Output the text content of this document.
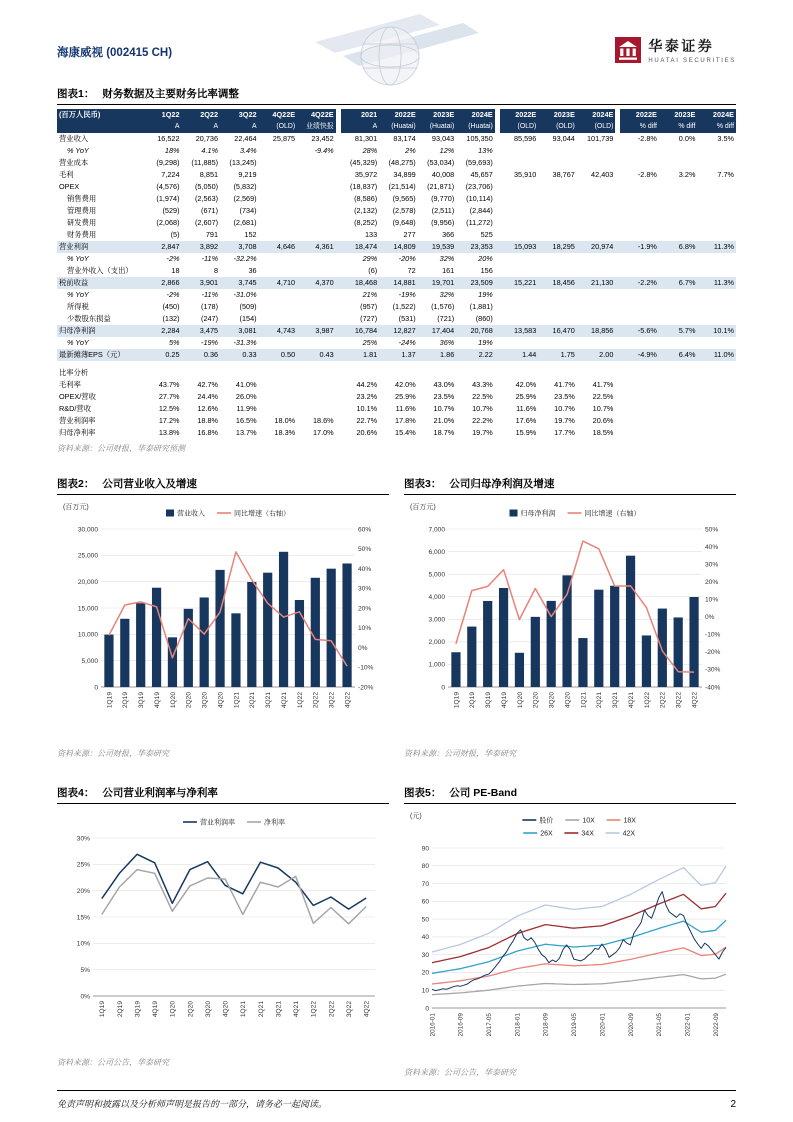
海康威视 (002415 CH)	华泰证券
HUATAI SECURITIES
图表1： 财务数据及主要财务比率调整
(百万人民币)	1Q22	2Q22	3Q22	4Q22E	4Q22E		2021	2022E	2023E	2024E		2022E	2023E	2024E		2022E	2023E	2024E
	A	A	A	(OLD)	业绩快报		A	(Huatai)	(Huatai)	(Huatai)		(OLD)	(OLD)	(OLD)		% diff	% diff	% diff
营业收入	16,522	20,736	22,464	25,875	23,452		81,301	83,174	93,043	105,350		85,596	93,044	101,739		-2.8%	0.0%	3.5%
% YoY	18%	4.1%	3.4%		-9.4%		28%	2%	12%	13%								
营业成本	(9,298)	(11,885)	(13,245)				(45,329)	(48,275)	(53,034)	(59,693)								
毛利	7,224	8,851	9,219				35,972	34,899	40,008	45,657		35,910	38,767	42,403		-2.8%	3.2%	7.7%
OPEX	(4,576)	(5,050)	(5,832)				(18,837)	(21,514)	(21,871)	(23,706)								
销售费用	(1,974)	(2,563)	(2,569)				(8,586)	(9,565)	(9,770)	(10,114)								
管理费用	(529)	(671)	(734)				(2,132)	(2,578)	(2,511)	(2,844)								
研发费用	(2,068)	(2,607)	(2,681)				(8,252)	(9,648)	(9,956)	(11,272)								
财务费用	(5)	791	152				133	277	366	525								
营业利润	2,847	3,892	3,708	4,646	4,361		18,474	14,809	19,539	23,353		15,093	18,295	20,974		-1.9%	6.8%	11.3%
% YoY	-2%	-11%	-32.2%				29%	-20%	32%	20%								
营业外收入（支出）	18	8	36				(6)	72	161	156								
税前收益	2,866	3,901	3,745	4,710	4,370		18,468	14,881	19,701	23,509		15,221	18,456	21,130		-2.2%	6.7%	11.3%
% YoY	-2%	-11%	-31.0%				21%	-19%	32%	19%								
所得税	(450)	(178)	(509)				(957)	(1,522)	(1,576)	(1,881)								
少数股东损益	(132)	(247)	(154)				(727)	(531)	(721)	(860)								
归母净利润	2,284	3,475	3,081	4,743	3,987		16,784	12,827	17,404	20,768		13,583	16,470	18,856		-5.6%	5.7%	10.1%
% YoY	5%	-19%	-31.3%				25%	-24%	36%	19%								
最新摊薄EPS（元）	0.25	0.36	0.33	0.50	0.43		1.81	1.37	1.86	2.22		1.44	1.75	2.00		-4.9%	6.4%	11.0%

比率分析																		
毛利率	43.7%	42.7%	41.0%				44.2%	42.0%	43.0%	43.3%		42.0%	41.7%	41.7%				
OPEX/营收	27.7%	24.4%	26.0%				23.2%	25.9%	23.5%	22.5%		25.9%	23.5%	22.5%				
R&D/营收	12.5%	12.6%	11.9%				10.1%	11.6%	10.7%	10.7%		11.6%	10.7%	10.7%				
营业利润率	17.2%	18.8%	16.5%	18.0%	18.6%		22.7%	17.8%	21.0%	22.2%		17.6%	19.7%	20.6%				
归母净利率	13.8%	16.8%	13.7%	18.3%	17.0%		20.6%	15.4%	18.7%	19.7%		15.9%	17.7%	18.5%				
资料来源：公司财报，华泰研究预测
图表2： 公司营业收入及增速
(百万元)
0
5,000
10,000
15,000
20,000
25,000
30,000
-20%
-10%
0%
10%
20%
30%
40%
50%
60%
1Q19 2Q19 3Q19 4Q19 1Q20 2Q20 3Q20 4Q20 1Q21 2Q21 3Q21 4Q21 1Q22 2Q22 3Q22 4Q22
营业收入	同比增速（右轴）
资料来源：公司财报，华泰研究
图表3： 公司归母净利润及增速
(百万元)
0
1,000
2,000
3,000
4,000
5,000
6,000
7,000
-40%
-30%
-20%
-10%
0%
10%
20%
30%
40%
50%
1Q19 2Q19 3Q19 4Q19 1Q20 2Q20 3Q20 4Q20 1Q21 2Q21 3Q21 4Q21 1Q22 2Q22 3Q22 4Q22
归母净利润	同比增速（右轴）
资料来源：公司财报，华泰研究
图表4： 公司营业利润率与净利率
0%
5%
10%
15%
20%
25%
30%
1Q19 2Q19 3Q19 4Q19 1Q20 2Q20 3Q20 4Q20 1Q21 2Q21 3Q21 4Q21 1Q22 2Q22 3Q22 4Q22
营业利润率	净利率
资料来源：公司公告，华泰研究
图表5： 公司 PE-Band
(元)
0
10
20
30
40
50
60
70
80
90
2016-01	2016-09	2017-05	2018-01	2018-09	2019-05	2020-01	2020-09	2021-05	2022-01	2022-09
股价	10X	18X
26X	34X	42X
资料来源：公司公告，华泰研究
免责声明和披露以及分析师声明是报告的一部分，请务必一起阅读。	2
